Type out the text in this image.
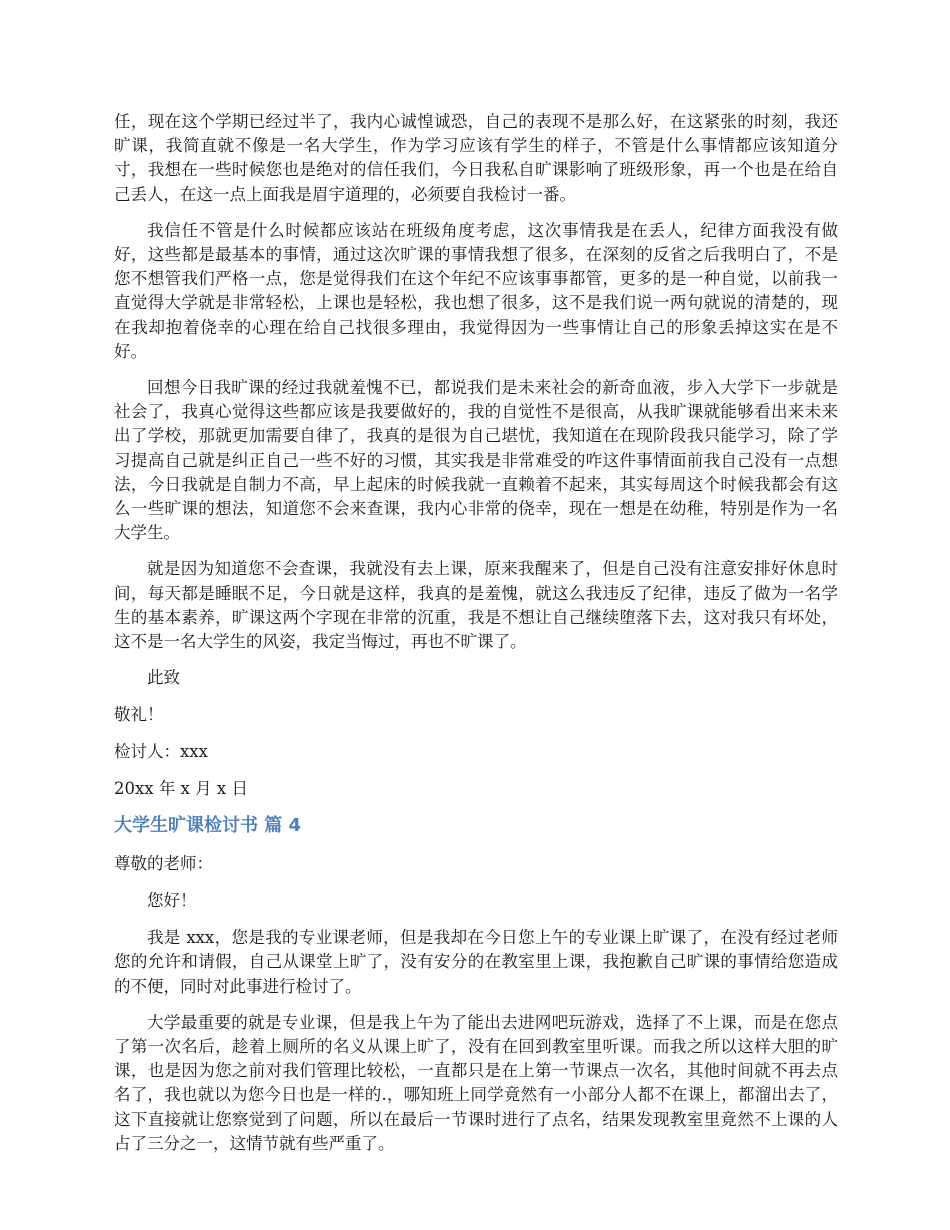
任，现在这个学期已经过半了，我内心诚惶诚恐，自己的表现不是那么好，在这紧张的时刻，我还旷课，我简直就不像是一名大学生，作为学习应该有学生的样子，不管是什么事情都应该知道分寸，我想在一些时候您也是绝对的信任我们，今日我私自旷课影响了班级形象，再一个也是在给自己丢人，在这一点上面我是眉宇道理的，必须要自我检讨一番。

我信任不管是什么时候都应该站在班级角度考虑，这次事情我是在丢人，纪律方面我没有做好，这些都是最基本的事情，通过这次旷课的事情我想了很多，在深刻的反省之后我明白了，不是您不想管我们严格一点，您是觉得我们在这个年纪不应该事事都管，更多的是一种自觉，以前我一直觉得大学就是非常轻松，上课也是轻松，我也想了很多，这不是我们说一两句就说的清楚的，现在我却抱着侥幸的心理在给自己找很多理由，我觉得因为一些事情让自己的形象丢掉这实在是不好。

回想今日我旷课的经过我就羞愧不已，都说我们是未来社会的新奇血液，步入大学下一步就是社会了，我真心觉得这些都应该是我要做好的，我的自觉性不是很高，从我旷课就能够看出来未来出了学校，那就更加需要自律了，我真的是很为自己堪忧，我知道在在现阶段我只能学习，除了学习提高自己就是纠正自己一些不好的习惯，其实我是非常难受的咋这件事情面前我自己没有一点想法，今日我就是自制力不高，早上起床的时候我就一直赖着不起来，其实每周这个时候我都会有这么一些旷课的想法，知道您不会来查课，我内心非常的侥幸，现在一想是在幼稚，特别是作为一名大学生。

就是因为知道您不会查课，我就没有去上课，原来我醒来了，但是自己没有注意安排好休息时间，每天都是睡眠不足，今日就是这样，我真的是羞愧，就这么我违反了纪律，违反了做为一名学生的基本素养，旷课这两个字现在非常的沉重，我是不想让自己继续堕落下去，这对我只有坏处，这不是一名大学生的风姿，我定当悔过，再也不旷课了。

此致

敬礼！

检讨人：xxx

20xx 年 x 月 x 日

大学生旷课检讨书 篇 4

尊敬的老师：

您好！

我是 xxx，您是我的专业课老师，但是我却在今日您上午的专业课上旷课了，在没有经过老师您的允许和请假，自己从课堂上旷了，没有安分的在教室里上课，我抱歉自己旷课的事情给您造成的不便，同时对此事进行检讨了。

大学最重要的就是专业课，但是我上午为了能出去进网吧玩游戏，选择了不上课，而是在您点了第一次名后，趁着上厕所的名义从课上旷了，没有在回到教室里听课。而我之所以这样大胆的旷课，也是因为您之前对我们管理比较松，一直都只是在上第一节课点一次名，其他时间就不再去点名了，我也就以为您今日也是一样的.，哪知班上同学竟然有一小部分人都不在课上，都溜出去了，这下直接就让您察觉到了问题，所以在最后一节课时进行了点名，结果发现教室里竟然不上课的人占了三分之一，这情节就有些严重了。
